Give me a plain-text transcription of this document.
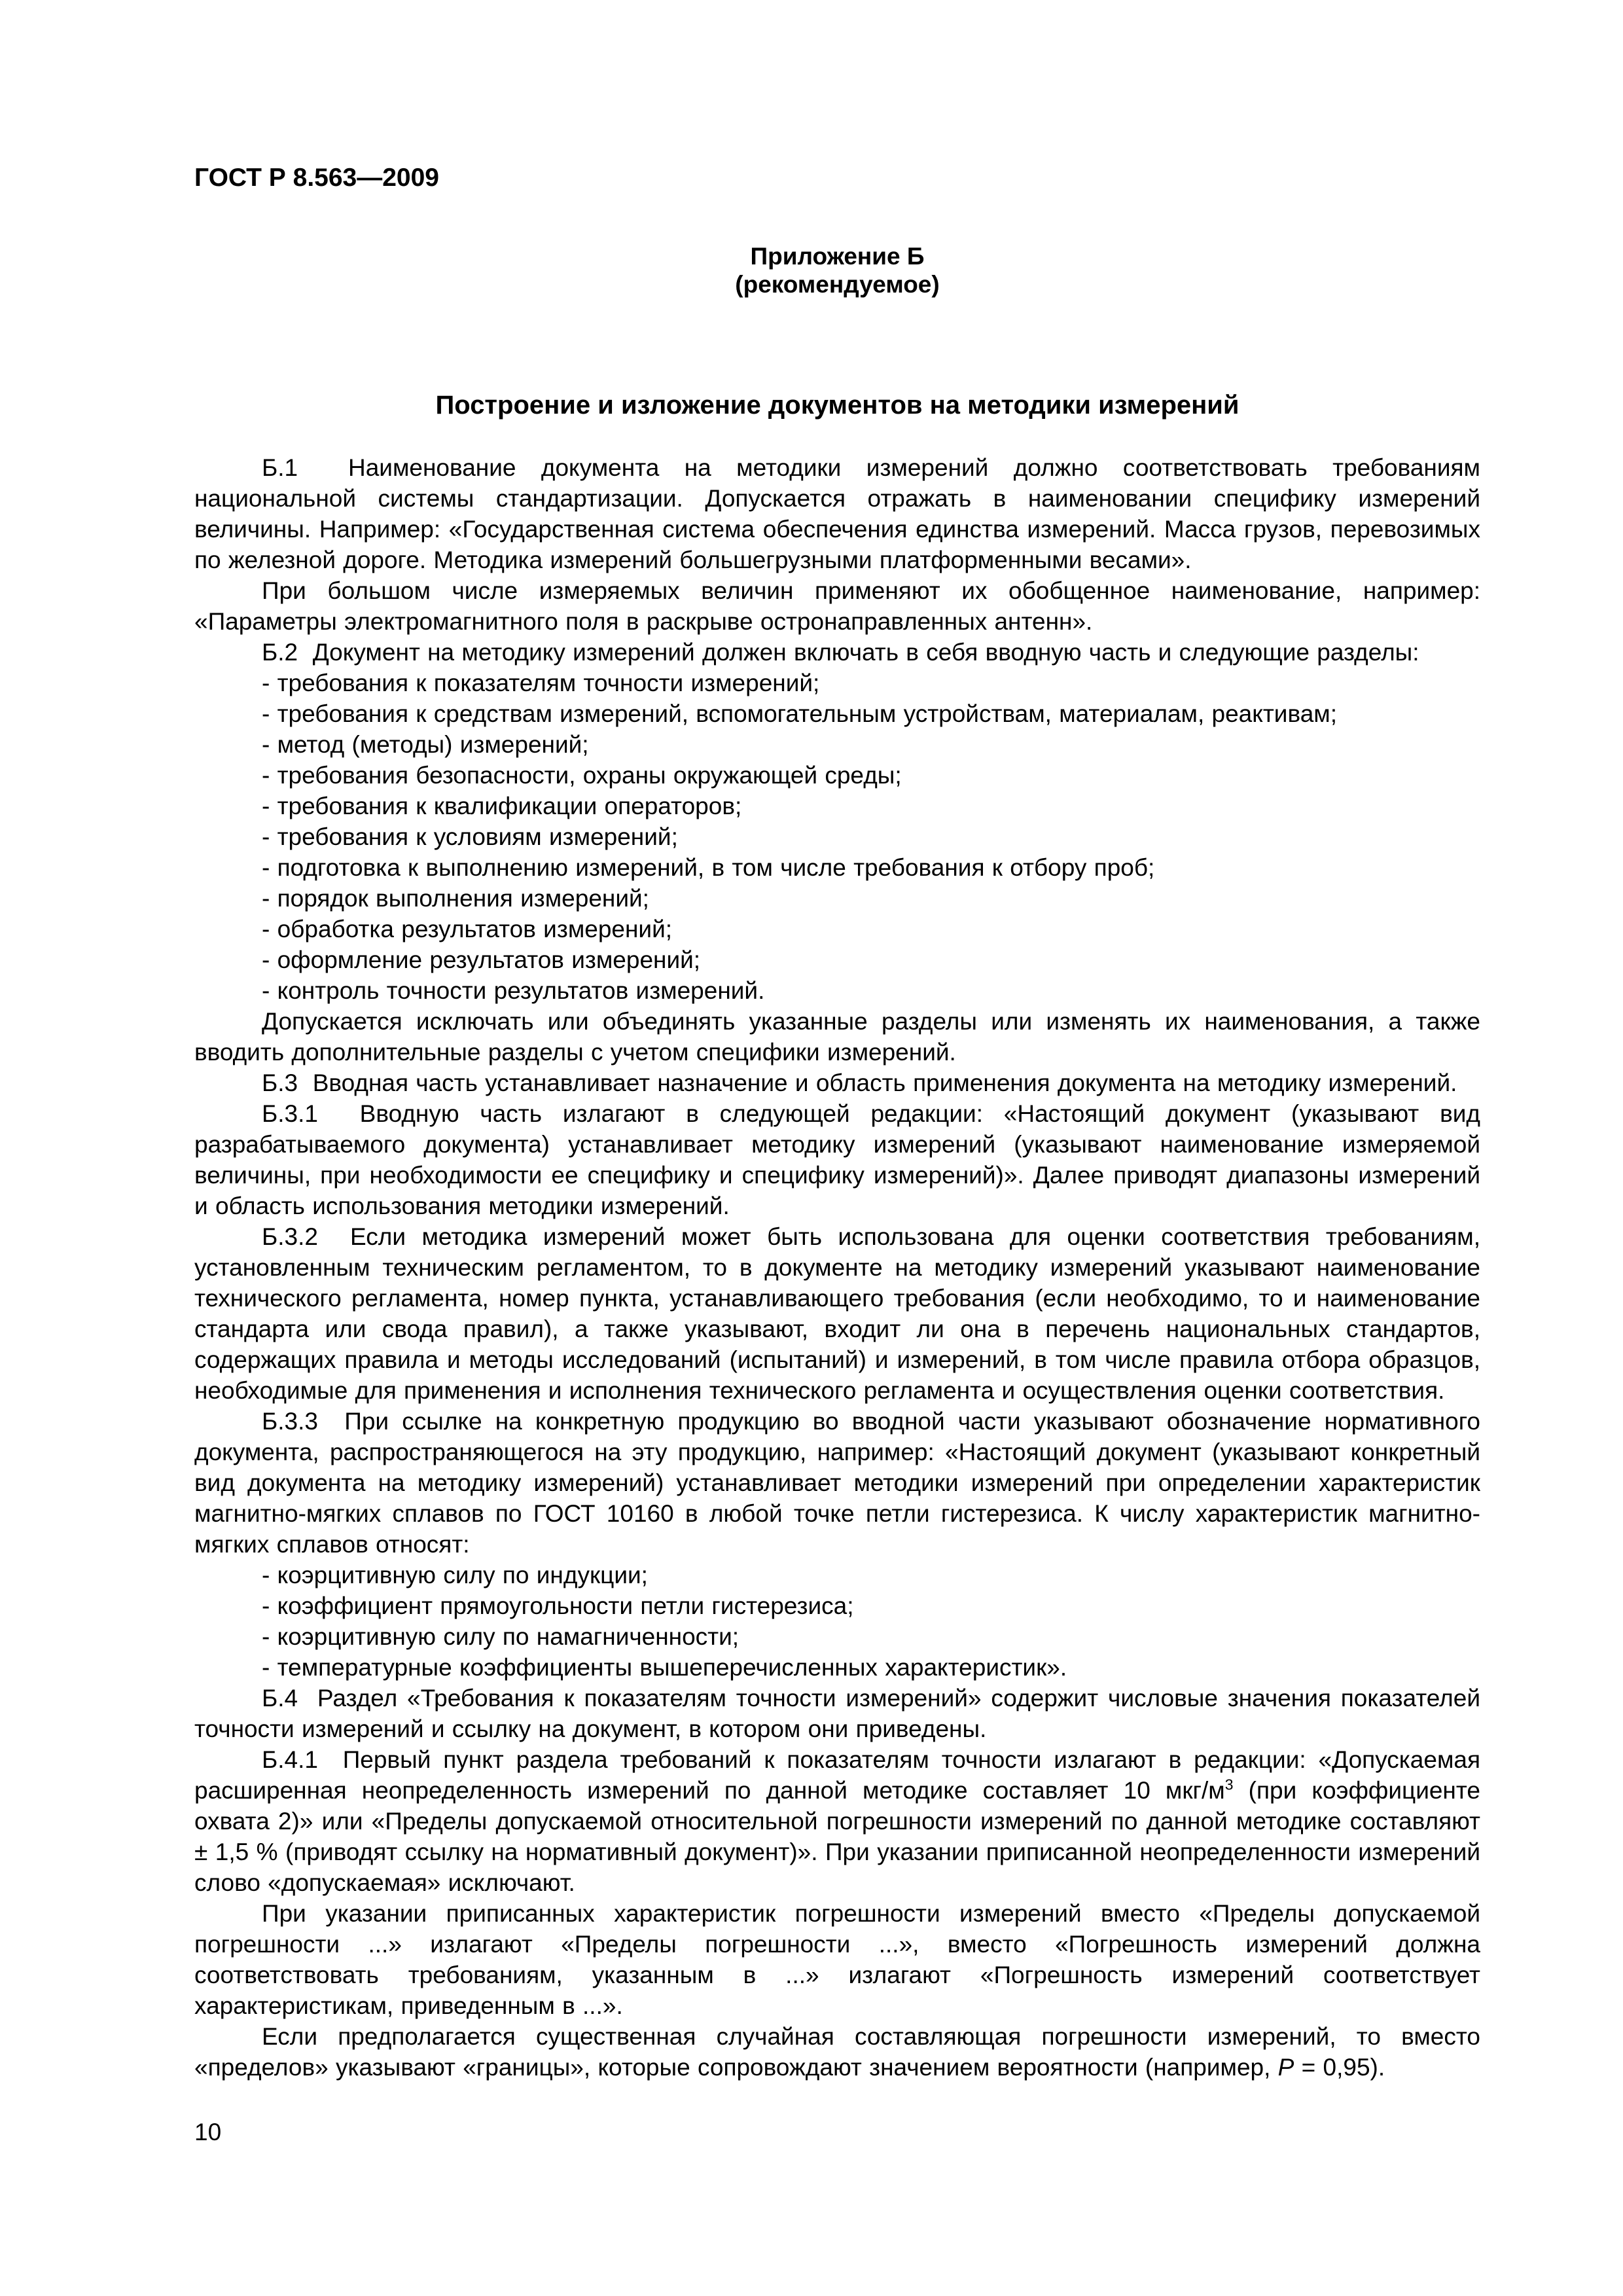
ГОСТ Р 8.563—2009
Приложение Б
(рекомендуемое)
Построение и изложение документов на методики измерений

Б.1  Наименование документа на методики измерений должно соответствовать требованиям национальной системы стандартизации. Допускается отражать в наименовании специфику измерений величины. Например: «Государственная система обеспечения единства измерений. Масса грузов, перевозимых по железной дороге. Методика измерений большегрузными платформенными весами».

При большом числе измеряемых величин применяют их обобщенное наименование, например: «Параметры электромагнитного поля в раскрыве остронаправленных антенн».

Б.2  Документ на методику измерений должен включать в себя вводную часть и следующие разделы:

- требования к показателям точности измерений;

- требования к средствам измерений, вспомогательным устройствам, материалам, реактивам;

- метод (методы) измерений;

- требования безопасности, охраны окружающей среды;

- требования к квалификации операторов;

- требования к условиям измерений;

- подготовка к выполнению измерений, в том числе требования к отбору проб;

- порядок выполнения измерений;

- обработка результатов измерений;

- оформление результатов измерений;

- контроль точности результатов измерений.

Допускается исключать или объединять указанные разделы или изменять их наименования, а также вводить дополнительные разделы с учетом специфики измерений.

Б.3  Вводная часть устанавливает назначение и область применения документа на методику измерений.

Б.3.1  Вводную часть излагают в следующей редакции: «Настоящий документ (указывают вид разрабатываемого документа) устанавливает методику измерений (указывают наименование измеряемой величины, при необходимости ее специфику и специфику измерений)». Далее приводят диапазоны измерений и область использования методики измерений.

Б.3.2  Если методика измерений может быть использована для оценки соответствия требованиям, установленным техническим регламентом, то в документе на методику измерений указывают наименование технического регламента, номер пункта, устанавливающего требования (если необходимо, то и наименование стандарта или свода правил), а также указывают, входит ли она в перечень национальных стандартов, содержащих правила и методы исследований (испытаний) и измерений, в том числе правила отбора образцов, необходимые для применения и исполнения технического регламента и осуществления оценки соответствия.

Б.3.3  При ссылке на конкретную продукцию во вводной части указывают обозначение нормативного документа, распространяющегося на эту продукцию, например: «Настоящий документ (указывают конкретный вид документа на методику измерений) устанавливает методики измерений при определении характеристик магнитно-мягких сплавов по ГОСТ 10160 в любой точке петли гистерезиса. К числу характеристик магнитно-мягких сплавов относят:

- коэрцитивную силу по индукции;

- коэффициент прямоугольности петли гистерезиса;

- коэрцитивную силу по намагниченности;

- температурные коэффициенты вышеперечисленных характеристик».

Б.4  Раздел «Требования к показателям точности измерений» содержит числовые значения показателей точности измерений и ссылку на документ, в котором они приведены.

Б.4.1  Первый пункт раздела требований к показателям точности излагают в редакции: «Допускаемая расширенная неопределенность измерений по данной методике составляет 10 мкг/$м^3$ (при коэффициенте охвата 2)» или «Пределы допускаемой относительной погрешности измерений по данной методике составляют ± 1,5 % (приводят ссылку на нормативный документ)». При указании приписанной неопределенности измерений слово «допускаемая» исключают.

При указании приписанных характеристик погрешности измерений вместо «Пределы допускаемой погрешности ...» излагают «Пределы погрешности ...», вместо «Погрешность измерений должна соответствовать требованиям, указанным в ...» излагают «Погрешность измерений соответствует характеристикам, приведенным в ...».

Если предполагается существенная случайная составляющая погрешности измерений, то вместо «пределов» указывают «границы», которые сопровождают значением вероятности (например, P = 0,95).

10
